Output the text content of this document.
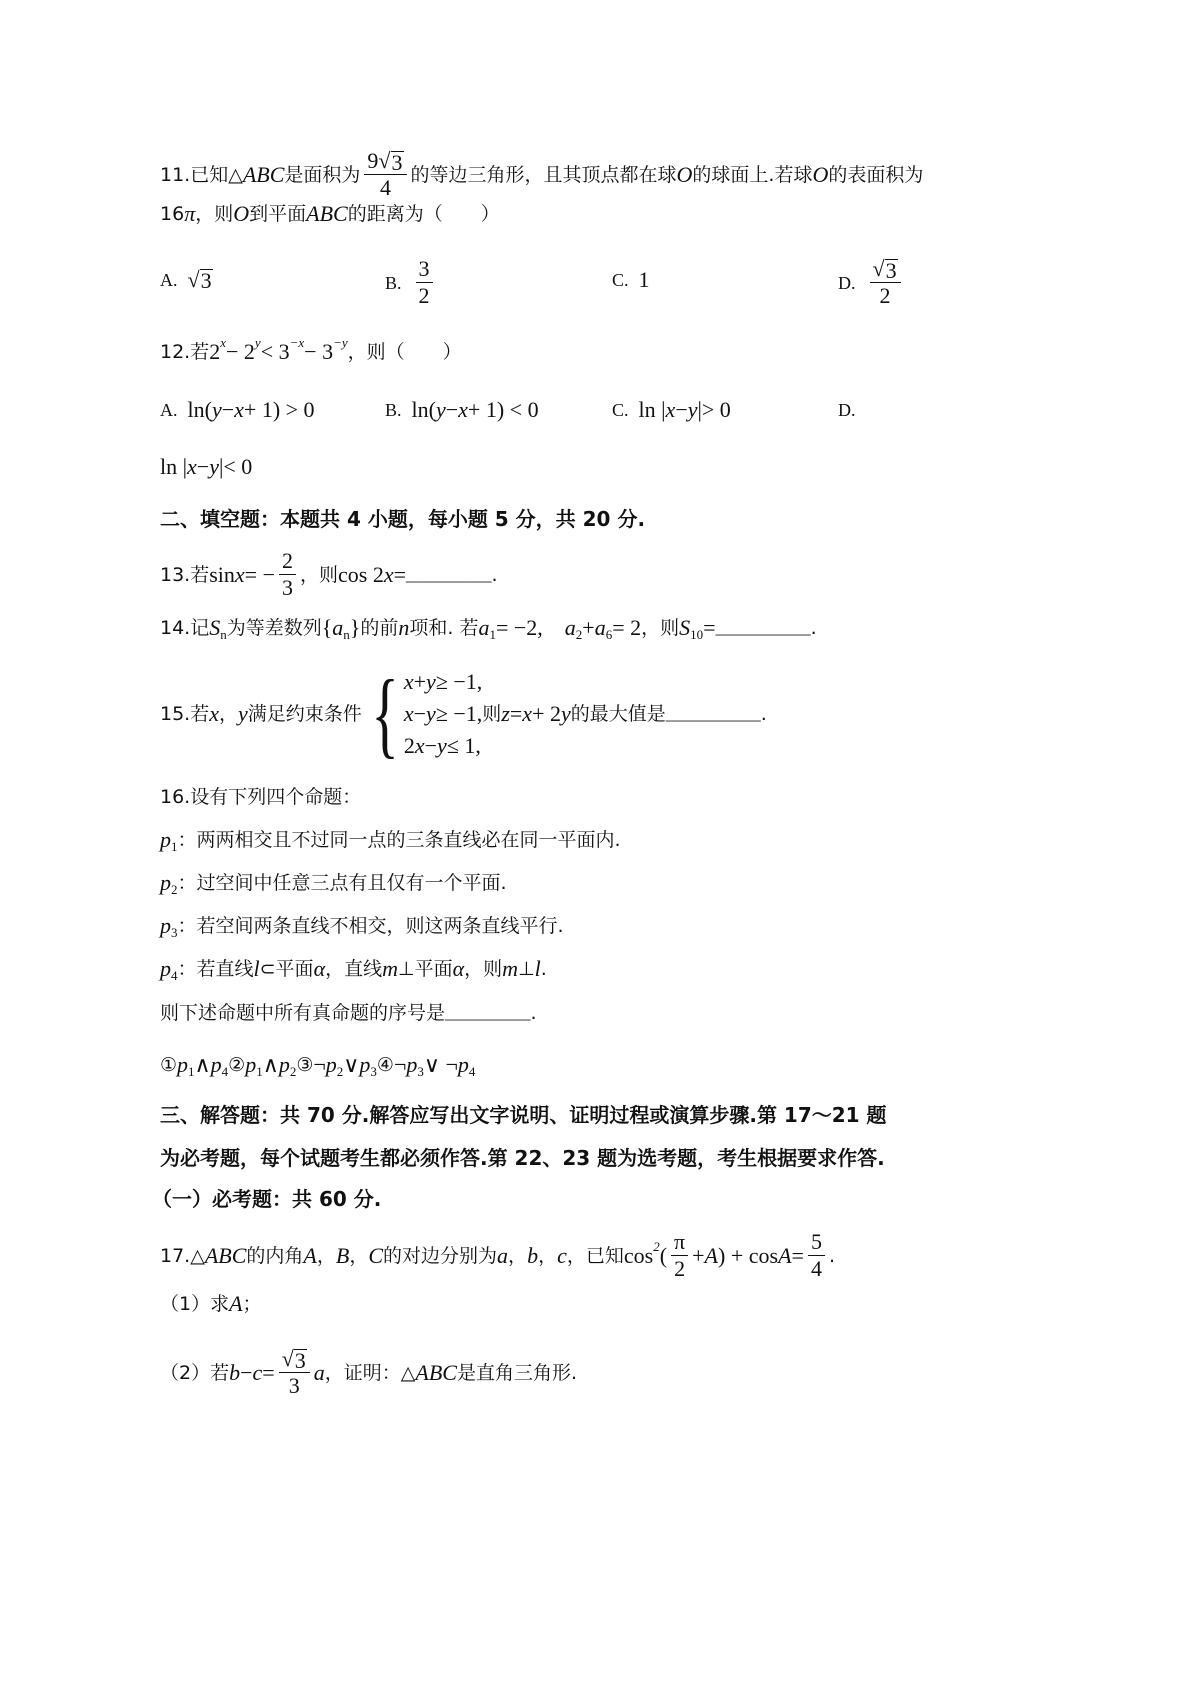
11.已知△ ABC 是面积为 $\frac{9 √ 3}{4}$ 的等边三角形，且其顶点都在球 O 的球面上.若球 O 的表面积为
16 π ，则 O 到平面 ABC 的距离为（　　）
A. √ 3	B. $\frac{3}{2}$	C. 1	D. $\frac{√ 3}{2}$
12.若 2 x − 2 y < 3 −x − 3 −y ，则（　　）
A. ln( y − x + 1) > 0	B. ln( y − x + 1) < 0	C. ln | x − y |> 0	D.
ln | x − y |< 0
二、填空题：本题共 4 小题，每小题 5 分，共 20 分.
13.若 sin x = − $\frac{2}{3}$ ，则 cos 2 x = _________ .
14.记 S n 为等差数列 { a n } 的前 n 项和. 若 a 1 = −2,　 a 2 + a 6 = 2 ，则 S 10 = __________ .
15.若 x ， y 满足约束条件 { x + y ≥ −1,
x − y ≥ −1, 则 z = x + 2 y 的最大值是 __________ .
2 x − y ≤ 1,
16.设有下列四个命题：
p 1 ：两两相交且不过同一点的三条直线必在同一平面内.
p 2 ：过空间中任意三点有且仅有一个平面.
p 3 ：若空间两条直线不相交，则这两条直线平行.
p 4 ：若直线 l ⊂平面 α ，直线 m ⊥平面 α ，则 m ⊥ l .
则下述命题中所有真命题的序号是 _________ .
① p 1 ∧ p 4 ② p 1 ∧ p 2 ③ ¬ p 2 ∨ p 3 ④ ¬ p 3 ∨ ¬ p 4
三、解答题：共 70 分.解答应写出文字说明、证明过程或演算步骤.第 17～21 题
为必考题，每个试题考生都必须作答.第 22、23 题为选考题，考生根据要求作答.
（一）必考题：共 60 分.
17.△ ABC 的内角 A ， B ， C 的对边分别为 a ， b ， c ，已知 cos 2 ( $\frac{\pi}{2} + A$ ) + $\cos A = \frac{5}{4}$ .
（1）求 A ；
（2）若 $b - c = \frac{√ 3}{3}$ a ，证明：△ ABC 是直角三角形.
